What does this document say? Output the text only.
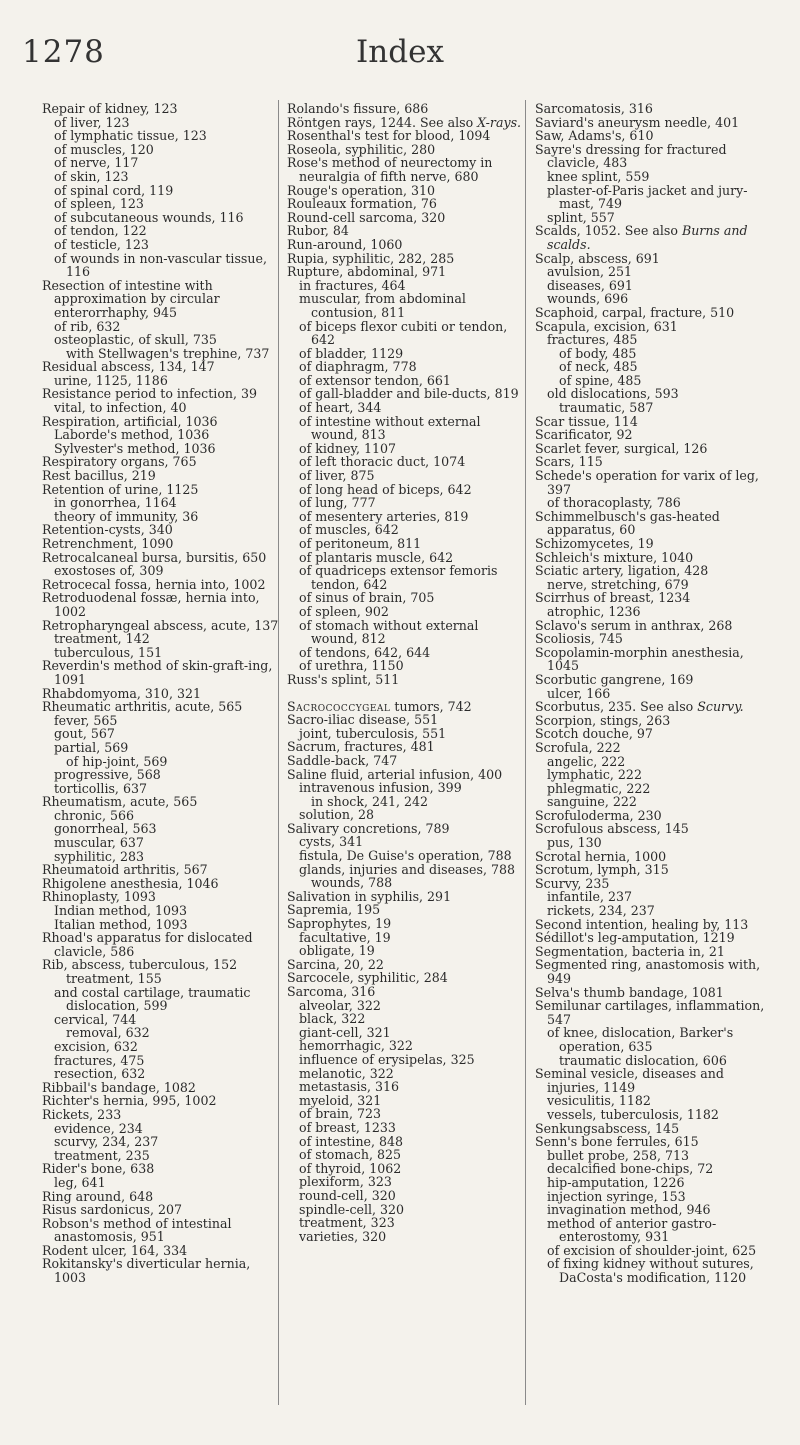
1278	Index

Repair of kidney, 123

of liver, 123

of lymphatic tissue, 123

of muscles, 120

of nerve, 117

of skin, 123

of spinal cord, 119

of spleen, 123

of subcutaneous wounds, 116

of tendon, 122

of testicle, 123

of wounds in non-vascular tissue, 116

Resection of intestine with approximation by circular enterorrhaphy, 945

of rib, 632

osteoplastic, of skull, 735

with Stellwagen's trephine, 737

Residual abscess, 134, 147

urine, 1125, 1186

Resistance period to infection, 39

vital, to infection, 40

Respiration, artificial, 1036

Laborde's method, 1036

Sylvester's method, 1036

Respiratory organs, 765

Rest bacillus, 219

Retention of urine, 1125

in gonorrhea, 1164

theory of immunity, 36

Retention-cysts, 340

Retrenchment, 1090

Retrocalcaneal bursa, bursitis, 650

exostoses of, 309

Retrocecal fossa, hernia into, 1002

Retroduodenal fossæ, hernia into, 1002

Retropharyngeal abscess, acute, 137

treatment, 142

tuberculous, 151

Reverdin's method of skin-graft-ing, 1091

Rhabdomyoma, 310, 321

Rheumatic arthritis, acute, 565

fever, 565

gout, 567

partial, 569

of hip-joint, 569

progressive, 568

torticollis, 637

Rheumatism, acute, 565

chronic, 566

gonorrheal, 563

muscular, 637

syphilitic, 283

Rheumatoid arthritis, 567

Rhigolene anesthesia, 1046

Rhinoplasty, 1093

Indian method, 1093

Italian method, 1093

Rhoad's apparatus for dislocated clavicle, 586

Rib, abscess, tuberculous, 152

treatment, 155

and costal cartilage, traumatic dislocation, 599

cervical, 744

removal, 632

excision, 632

fractures, 475

resection, 632

Ribbail's bandage, 1082

Richter's hernia, 995, 1002

Rickets, 233

evidence, 234

scurvy, 234, 237

treatment, 235

Rider's bone, 638

leg, 641

Ring around, 648

Risus sardonicus, 207

Robson's method of intestinal anastomosis, 951

Rodent ulcer, 164, 334

Rokitansky's diverticular hernia, 1003

Rolando's fissure, 686

Röntgen rays, 1244. See also X-rays.

Rosenthal's test for blood, 1094

Roseola, syphilitic, 280

Rose's method of neurectomy in neuralgia of fifth nerve, 680

Rouge's operation, 310

Rouleaux formation, 76

Round-cell sarcoma, 320

Rubor, 84

Run-around, 1060

Rupia, syphilitic, 282, 285

Rupture, abdominal, 971

in fractures, 464

muscular, from abdominal contusion, 811

of biceps flexor cubiti or tendon, 642

of bladder, 1129

of diaphragm, 778

of extensor tendon, 661

of gall-bladder and bile-ducts, 819

of heart, 344

of intestine without external wound, 813

of kidney, 1107

of left thoracic duct, 1074

of liver, 875

of long head of biceps, 642

of lung, 777

of mesentery arteries, 819

of muscles, 642

of peritoneum, 811

of plantaris muscle, 642

of quadriceps extensor femoris tendon, 642

of sinus of brain, 705

of spleen, 902

of stomach without external wound, 812

of tendons, 642, 644

of urethra, 1150

Russ's splint, 511

Sacrococcygeal tumors, 742

Sacro-iliac disease, 551

joint, tuberculosis, 551

Sacrum, fractures, 481

Saddle-back, 747

Saline fluid, arterial infusion, 400

intravenous infusion, 399

in shock, 241, 242

solution, 28

Salivary concretions, 789

cysts, 341

fistula, De Guise's operation, 788

glands, injuries and diseases, 788

wounds, 788

Salivation in syphilis, 291

Sapremia, 195

Saprophytes, 19

facultative, 19

obligate, 19

Sarcina, 20, 22

Sarcocele, syphilitic, 284

Sarcoma, 316

alveolar, 322

black, 322

giant-cell, 321

hemorrhagic, 322

influence of erysipelas, 325

melanotic, 322

metastasis, 316

myeloid, 321

of brain, 723

of breast, 1233

of intestine, 848

of stomach, 825

of thyroid, 1062

plexiform, 323

round-cell, 320

spindle-cell, 320

treatment, 323

varieties, 320

Sarcomatosis, 316

Saviard's aneurysm needle, 401

Saw, Adams's, 610

Sayre's dressing for fractured clavicle, 483

knee splint, 559

plaster-of-Paris jacket and jury-mast, 749

splint, 557

Scalds, 1052. See also Burns and scalds.

Scalp, abscess, 691

avulsion, 251

diseases, 691

wounds, 696

Scaphoid, carpal, fracture, 510

Scapula, excision, 631

fractures, 485

of body, 485

of neck, 485

of spine, 485

old dislocations, 593

traumatic, 587

Scar tissue, 114

Scarificator, 92

Scarlet fever, surgical, 126

Scars, 115

Schede's operation for varix of leg, 397

of thoracoplasty, 786

Schimmelbusch's gas-heated apparatus, 60

Schizomycetes, 19

Schleich's mixture, 1040

Sciatic artery, ligation, 428

nerve, stretching, 679

Scirrhus of breast, 1234

atrophic, 1236

Sclavo's serum in anthrax, 268

Scoliosis, 745

Scopolamin-morphin anesthesia, 1045

Scorbutic gangrene, 169

ulcer, 166

Scorbutus, 235. See also Scurvy.

Scorpion, stings, 263

Scotch douche, 97

Scrofula, 222

angelic, 222

lymphatic, 222

phlegmatic, 222

sanguine, 222

Scrofuloderma, 230

Scrofulous abscess, 145

pus, 130

Scrotal hernia, 1000

Scrotum, lymph, 315

Scurvy, 235

infantile, 237

rickets, 234, 237

Second intention, healing by, 113

Sédillot's leg-amputation, 1219

Segmentation, bacteria in, 21

Segmented ring, anastomosis with, 949

Selva's thumb bandage, 1081

Semilunar cartilages, inflammation, 547

of knee, dislocation, Barker's operation, 635

traumatic dislocation, 606

Seminal vesicle, diseases and injuries, 1149

vesiculitis, 1182

vessels, tuberculosis, 1182

Senkungsabscess, 145

Senn's bone ferrules, 615

bullet probe, 258, 713

decalcified bone-chips, 72

hip-amputation, 1226

injection syringe, 153

invagination method, 946

method of anterior gastro-enterostomy, 931

of excision of shoulder-joint, 625

of fixing kidney without sutures, DaCosta's modification, 1120
